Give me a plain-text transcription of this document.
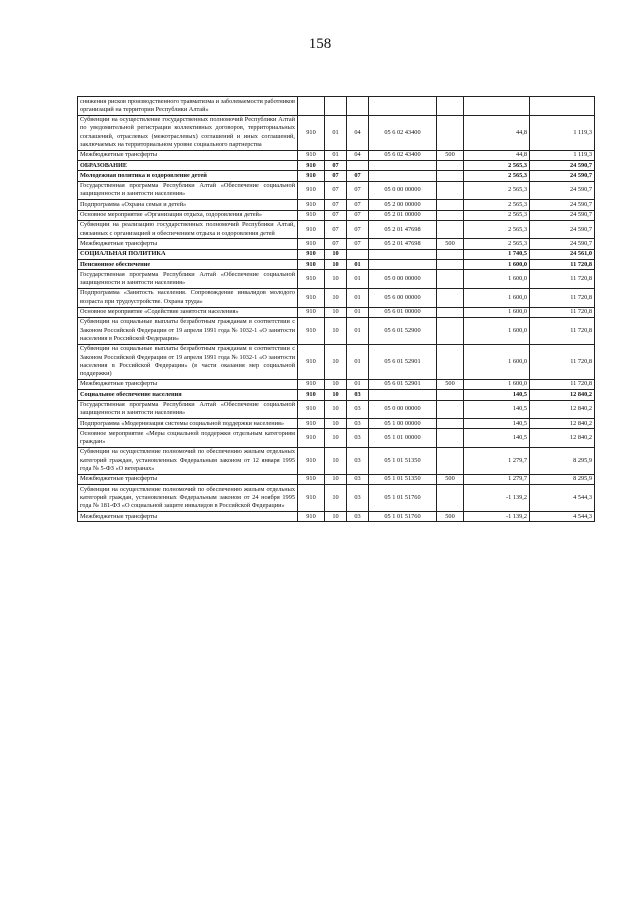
158
снижения рисков производственного травматизма и заболеваемости работников организаций на территории Республики Алтай»							
Субвенции на осуществление государственных полномочий Республики Алтай по уведомительной регистрации коллективных договоров, территориальных соглашений, отраслевых (межотраслевых) соглашений и иных соглашений, заключаемых на территориальном уровне социального партнерства	910	01	04	05 6 02 43400		44,8	1 119,3
Межбюджетные трансферты	910	01	04	05 6 02 43400	500	44,8	1 119,3
ОБРАЗОВАНИЕ	910	07				2 565,3	24 590,7
Молодежная политика и оздоровление детей	910	07	07			2 565,3	24 590,7
Государственная программа Республики Алтай «Обеспечение социальной защищенности и занятости населения»	910	07	07	05 0 00 00000		2 565,3	24 590,7
Подпрограмма «Охрана семьи и детей»	910	07	07	05 2 00 00000		2 565,3	24 590,7
Основное мероприятие «Организация отдыха, оздоровления детей»	910	07	07	05 2 01 00000		2 565,3	24 590,7
Субвенции на реализацию государственных полномочий Республики Алтай, связанных с организацией и обеспечением отдыха и оздоровления детей	910	07	07	05 2 01 47698		2 565,3	24 590,7
Межбюджетные трансферты	910	07	07	05 2 01 47698	500	2 565,3	24 590,7
СОЦИАЛЬНАЯ ПОЛИТИКА	910	10				1 740,5	24 561,0
Пенсионное обеспечение	910	10	01			1 600,0	11 720,8
Государственная программа Республики Алтай «Обеспечение социальной защищенности и занятости населения»	910	10	01	05 0 00 00000		1 600,0	11 720,8
Подпрограмма «Занятость населения. Сопровождение инвалидов молодого возраста при трудоустройстве. Охрана труда»	910	10	01	05 6 00 00000		1 600,0	11 720,8
Основное мероприятие «Содействие занятости населения»	910	10	01	05 6 01 00000		1 600,0	11 720,8
Субвенции на социальные выплаты безработным гражданам в соответствии с Законом Российской Федерации от 19 апреля 1991 года № 1032-1 «О занятости населения в Российской Федерации»	910	10	01	05 6 01 52900		1 600,0	11 720,8
Субвенции на социальные выплаты безработным гражданам в соответствии с Законом Российской Федерации от 19 апреля 1991 года № 1032-1 «О занятости населения в Российской Федерации» (в части оказания мер социальной поддержки)	910	10	01	05 6 01 52901		1 600,0	11 720,8
Межбюджетные трансферты	910	10	01	05 6 01 52901	500	1 600,0	11 720,8
Социальное обеспечение населения	910	10	03			140,5	12 840,2
Государственная программа Республики Алтай «Обеспечение социальной защищенности и занятости населения»	910	10	03	05 0 00 00000		140,5	12 840,2
Подпрограмма «Модернизация системы социальной поддержки населения»	910	10	03	05 1 00 00000		140,5	12 840,2
Основное мероприятие «Меры социальной поддержки отдельным категориям граждан»	910	10	03	05 1 01 00000		140,5	12 840,2
Субвенции на осуществление полномочий по обеспечению жильем отдельных категорий граждан, установленных Федеральным законом от 12 января 1995 года № 5-ФЗ «О ветеранах»	910	10	03	05 1 01 51350		1 279,7	8 295,9
Межбюджетные трансферты	910	10	03	05 1 01 51350	500	1 279,7	8 295,9
Субвенции на осуществление полномочий по обеспечению жильем отдельных категорий граждан, установленных Федеральным законом от 24 ноября 1995 года № 181-ФЗ «О социальной защите инвалидов в Российской Федерации»	910	10	03	05 1 01 51760		-1 139,2	4 544,3
Межбюджетные трансферты	910	10	03	05 1 01 51760	500	-1 139,2	4 544,3
